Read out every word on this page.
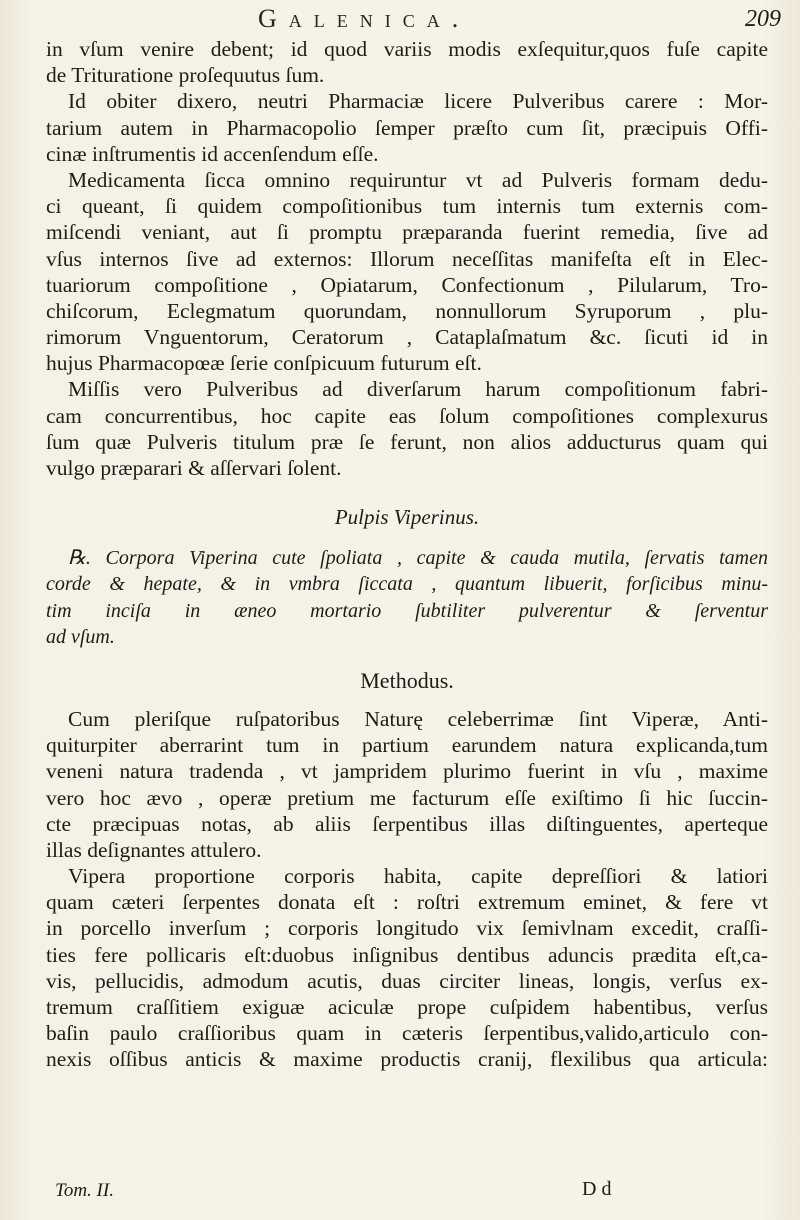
Galenica.	209
in vſum venire debent; id quod variis modis exſequitur,quos fuſe capite
de Trituratione proſequutus ſum.
Id obiter dixero, neutri Pharmaciæ licere Pulveribus carere : Mor-
tarium autem in Pharmacopolio ſemper præſto cum ſit, præcipuis Offi-
cinæ inſtrumentis id accenſendum eſſe.
Medicamenta ſicca omnino requiruntur vt ad Pulveris formam dedu-
ci queant, ſi quidem compoſitionibus tum internis tum externis com-
miſcendi veniant, aut ſi promptu præparanda fuerint remedia, ſive ad
vſus internos ſive ad externos: Illorum neceſſitas manifeſta eſt in Elec-
tuariorum compoſitione , Opiatarum, Confectionum , Pilularum, Tro-
chiſcorum, Eclegmatum quorundam, nonnullorum Syruporum , plu-
rimorum Vnguentorum, Ceratorum , Cataplaſmatum &c. ſicuti id in
hujus Pharmacopœæ ſerie conſpicuum futurum eſt.
Miſſis vero Pulveribus ad diverſarum harum compoſitionum fabri-
cam concurrentibus, hoc capite eas ſolum compoſitiones complexurus
ſum quæ Pulveris titulum præ ſe ferunt, non alios adducturus quam qui
vulgo præparari & aſſervari ſolent.
Pulpis Viperinus.
℞. Corpora Viperina cute ſpoliata , capite & cauda mutila, ſervatis tamen
corde & hepate, & in vmbra ſiccata , quantum libuerit, forſicibus minu-
tim inciſa in æneo mortario ſubtiliter pulverentur & ſerventur
ad vſum.
Methodus.
Cum pleriſque ruſpatoribus Naturę celeberrimæ ſint Viperæ, Anti-
quiturpiter aberrarint tum in partium earundem natura explicanda,tum
veneni natura tradenda , vt jampridem plurimo fuerint in vſu , maxime
vero hoc ævo , operæ pretium me facturum eſſe exiſtimo ſi hic ſuccin-
cte præcipuas notas, ab aliis ſerpentibus illas diſtinguentes, aperteque
illas deſignantes attulero.
Vipera proportione corporis habita, capite depreſſiori & latiori
quam cæteri ſerpentes donata eſt : roſtri extremum eminet, & fere vt
in porcello inverſum ; corporis longitudo vix ſemivlnam excedit, craſſi-
ties fere pollicaris eſt:duobus inſignibus dentibus aduncis prædita eſt,ca-
vis, pellucidis, admodum acutis, duas circiter lineas, longis, verſus ex-
tremum craſſitiem exiguæ aciculæ prope cuſpidem habentibus, verſus
baſin paulo craſſioribus quam in cæteris ſerpentibus,valido,articulo con-
nexis oſſibus anticis & maxime productis cranij, flexilibus qua articula:
Tom. II.	D d
